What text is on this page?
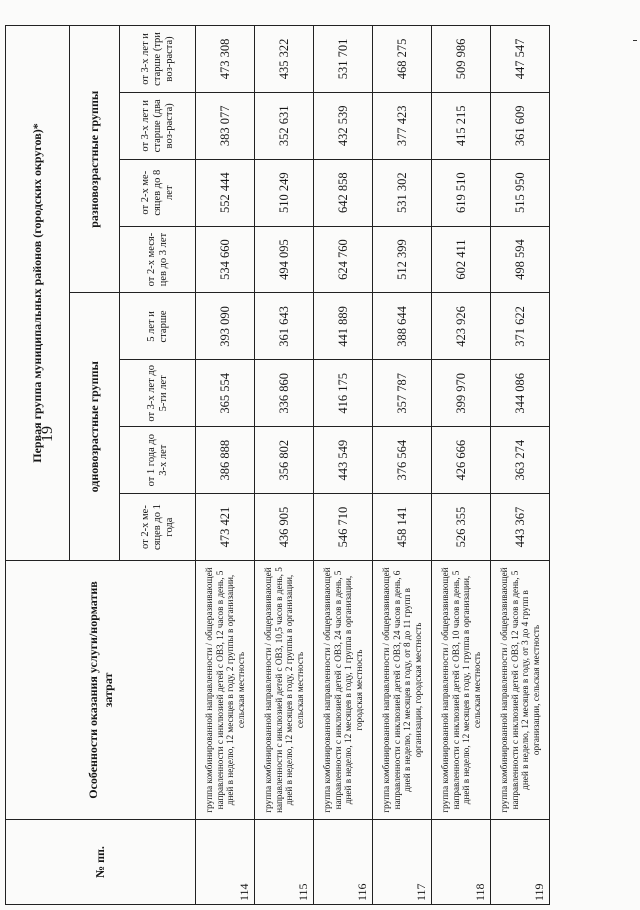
19
№ пп.	Особенности оказания услуги/норматив затрат	Первая группа муниципальных районов (городских округов)*							
		одновозрастные группы				разновозрастные группы			
		от 2-х ме-сяцев до 1 года	от 1 года до 3-х лет	от 3-х лет до 5-ти лет	5 лет и старше	от 2-х меся-цев до 3 лет	от 2-х ме-сяцев до 8 лет	от 3-х лет и старше (два воз-раста)	от 3-х лет и старше (три воз-раста)
114	группа комбинированной направленности / общеразвивающей направленности с инклюзией детей с ОВЗ, 12 часов в день, 5 дней в неделю, 12 месяцев в году, 2 группы в организации, сельская местность	473 421	386 888	365 554	393 090	534 660	552 444	383 077	473 308
115	группа комбинированной направленности / общеразвивающей направленности с инклюзией детей с ОВЗ, 10,5 часов в день, 5 дней в неделю, 12 месяцев в году, 2 группы в организации, сельская местность	436 905	356 802	336 860	361 643	494 095	510 249	352 631	435 322
116	группа комбинированной направленности / общеразвивающей направленности с инклюзией детей с ОВЗ, 24 часов в день, 5 дней в неделю, 12 месяцев в году, 1 группа в организации, городская местность	546 710	443 549	416 175	441 889	624 760	642 858	432 539	531 701
117	группа комбинированной направленности / общеразвивающей направленности с инклюзией детей с ОВЗ, 24 часов в день, 6 дней в неделю, 12 месяцев в году, от 8 до 11 групп в организации, городская местность	458 141	376 564	357 787	388 644	512 399	531 302	377 423	468 275
118	группа комбинированной направленности / общеразвивающей направленности с инклюзией детей с ОВЗ, 10 часов в день, 5 дней в неделю, 12 месяцев в году, 1 группа в организации, сельская местность	526 355	426 666	399 970	423 926	602 411	619 510	415 215	509 986
119	группа комбинированной направленности / общеразвивающей направленности с инклюзией детей с ОВЗ, 12 часов в день, 5 дней в неделю, 12 месяцев в году, от 3 до 4 групп в организации, сельская местность	443 367	363 274	344 086	371 622	498 594	515 950	361 609	447 547
